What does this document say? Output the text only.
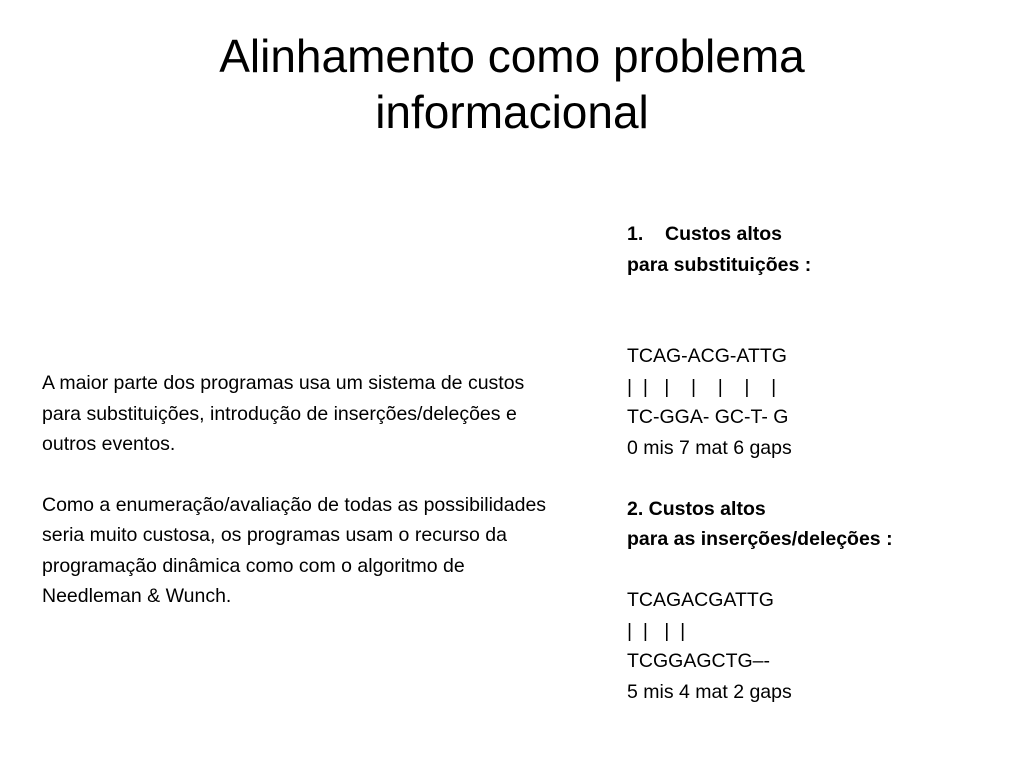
Alinhamento como problema
informacional

A maior parte dos programas usa um sistema de custos para substituições, introdução de inserções/deleções e outros eventos.

Como a enumeração/avaliação de todas as possibilidades seria muito custosa, os programas usam o recurso da programação dinâmica como com o algoritmo de Needleman & Wunch.

1. Custos altos
para substituições :
TCAG-ACG-ATTG
|  |   |    |    |    |    |
TC-GGA- GC-T- G
0 mis 7 mat 6 gaps
2. Custos altos
para as inserções/deleções :
TCAGACGATTG
|  |   |  |
TCGGAGCTG–-
5 mis 4 mat 2 gaps
